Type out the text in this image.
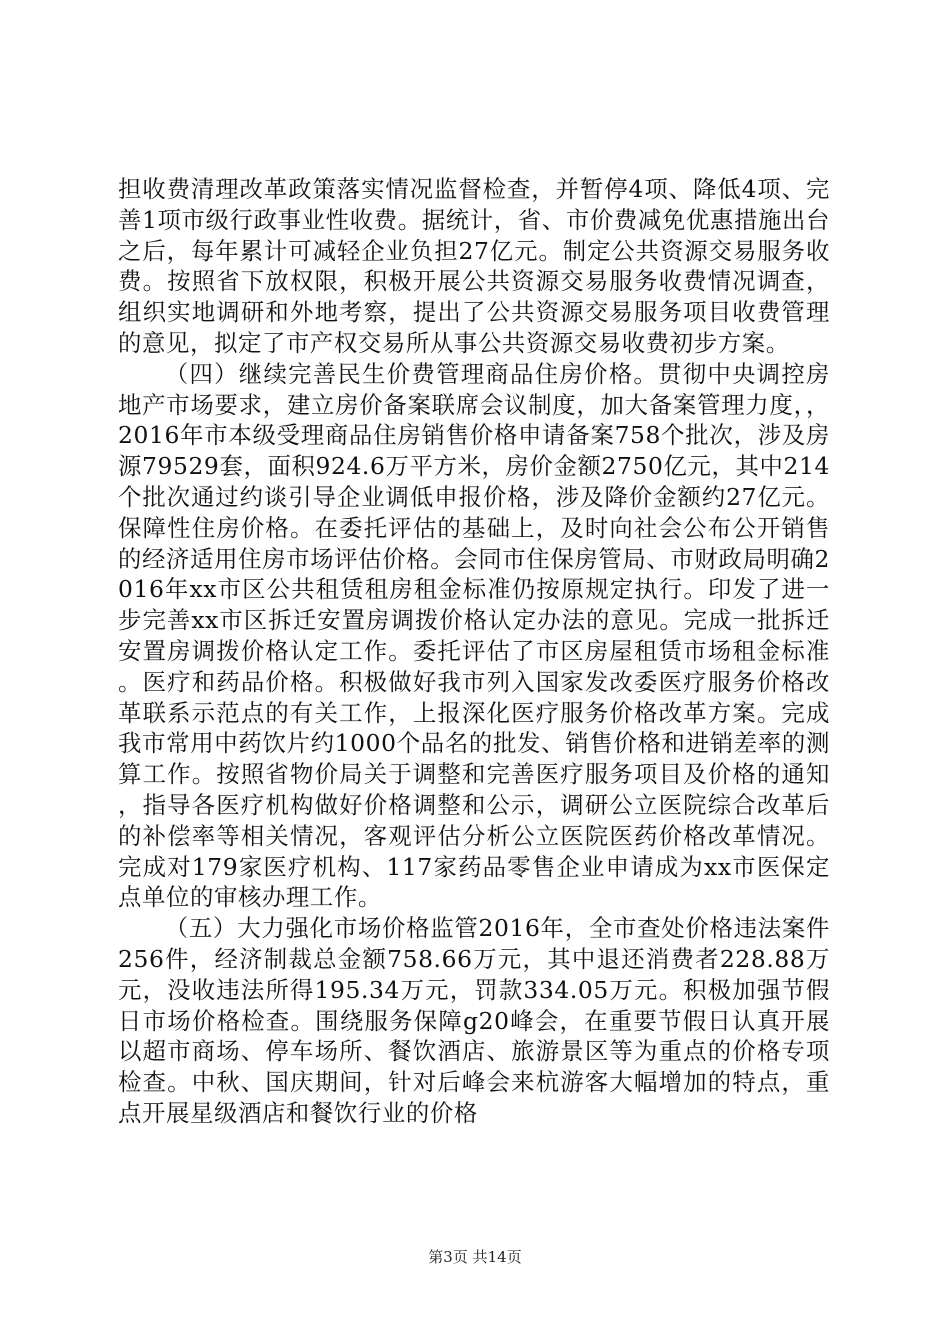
担收费清理改革政策落实情况监督检查，并暂停4项、降低4项、完善1项市级行政事业性收费。据统计，省、市价费减免优惠措施出台之后，每年累计可减轻企业负担27亿元。制定公共资源交易服务收费。按照省下放权限，积极开展公共资源交易服务收费情况调查，组织实地调研和外地考察，提出了公共资源交易服务项目收费管理的意见，拟定了市产权交易所从事公共资源交易收费初步方案。

（四）继续完善民生价费管理商品住房价格。贯彻中央调控房地产市场要求，建立房价备案联席会议制度，加大备案管理力度，，2016年市本级受理商品住房销售价格申请备案758个批次，涉及房源79529套，面积924.6万平方米，房价金额2750亿元，其中214个批次通过约谈引导企业调低申报价格，涉及降价金额约27亿元。保障性住房价格。在委托评估的基础上，及时向社会公布公开销售的经济适用住房市场评估价格。会同市住保房管局、市财政局明确2016年xx市区公共租赁租房租金标准仍按原规定执行。印发了进一步完善xx市区拆迁安置房调拨价格认定办法的意见。完成一批拆迁安置房调拨价格认定工作。委托评估了市区房屋租赁市场租金标准。医疗和药品价格。积极做好我市列入国家发改委医疗服务价格改革联系示范点的有关工作，上报深化医疗服务价格改革方案。完成我市常用中药饮片约1000个品名的批发、销售价格和进销差率的测算工作。按照省物价局关于调整和完善医疗服务项目及价格的通知，指导各医疗机构做好价格调整和公示，调研公立医院综合改革后的补偿率等相关情况，客观评估分析公立医院医药价格改革情况。完成对179家医疗机构、117家药品零售企业申请成为xx市医保定点单位的审核办理工作。

（五）大力强化市场价格监管2016年，全市查处价格违法案件256件，经济制裁总金额758.66万元，其中退还消费者228.88万元，没收违法所得195.34万元，罚款334.05万元。积极加强节假日市场价格检查。围绕服务保障g20峰会，在重要节假日认真开展以超市商场、停车场所、餐饮酒店、旅游景区等为重点的价格专项检查。中秋、国庆期间，针对后峰会来杭游客大幅增加的特点，重点开展星级酒店和餐饮行业的价格

第3页 共14页
